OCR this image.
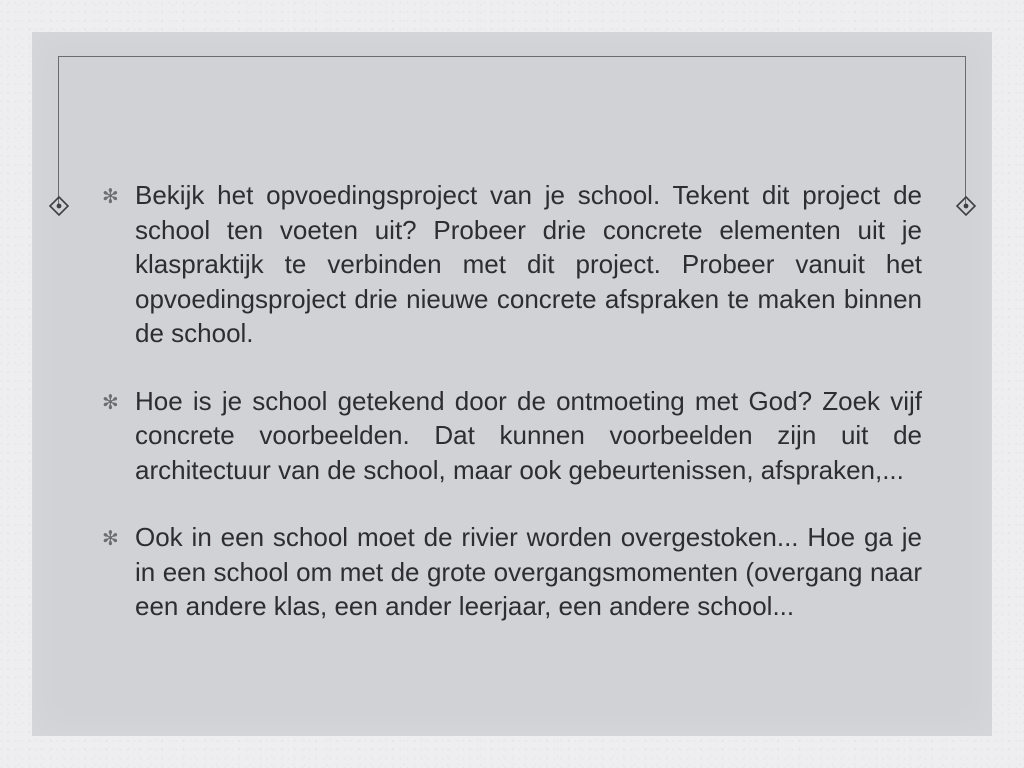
✻ Bekijk het opvoedingsproject van je school. Tekent dit project de school ten voeten uit? Probeer drie concrete elementen uit je klaspraktijk te verbinden met dit project. Probeer vanuit het opvoedingsproject drie nieuwe concrete afspraken te maken binnen de school.

✻ Hoe is je school getekend door de ontmoeting met God? Zoek vijf concrete voorbeelden. Dat kunnen voorbeelden zijn uit de architectuur van de school, maar ook gebeurtenissen, afspraken,...

✻ Ook in een school moet de rivier worden overgestoken... Hoe ga je in een school om met de grote overgangsmomenten (overgang naar een andere klas, een ander leerjaar, een andere school...
